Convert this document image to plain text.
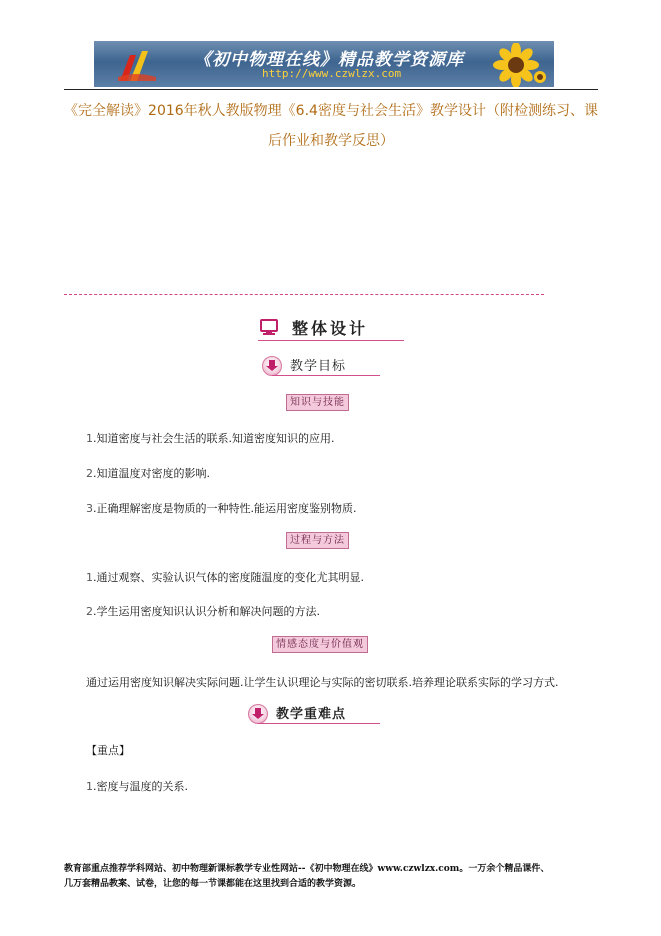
《初中物理在线》精品教学资源库
http://www.czwlzx.com
《完全解读》2016年秋人教版物理《6.4密度与社会生活》教学设计（附检测练习、课后作业和教学反思）
整体设计
教学目标
知识与技能
1.知道密度与社会生活的联系.知道密度知识的应用.
2.知道温度对密度的影响.
3.正确理解密度是物质的一种特性.能运用密度鉴别物质.
过程与方法
1.通过观察、实验认识气体的密度随温度的变化尤其明显.
2.学生运用密度知识认识分析和解决问题的方法.
情感态度与价值观
通过运用密度知识解决实际问题.让学生认识理论与实际的密切联系.培养理论联系实际的学习方式.
教学重难点
【重点】
1.密度与温度的关系.
教育部重点推荐学科网站、初中物理新课标教学专业性网站--《初中物理在线》www.czwlzx.com。一万余个精品课件、
几万套精品教案、试卷，让您的每一节课都能在这里找到合适的教学资源。
